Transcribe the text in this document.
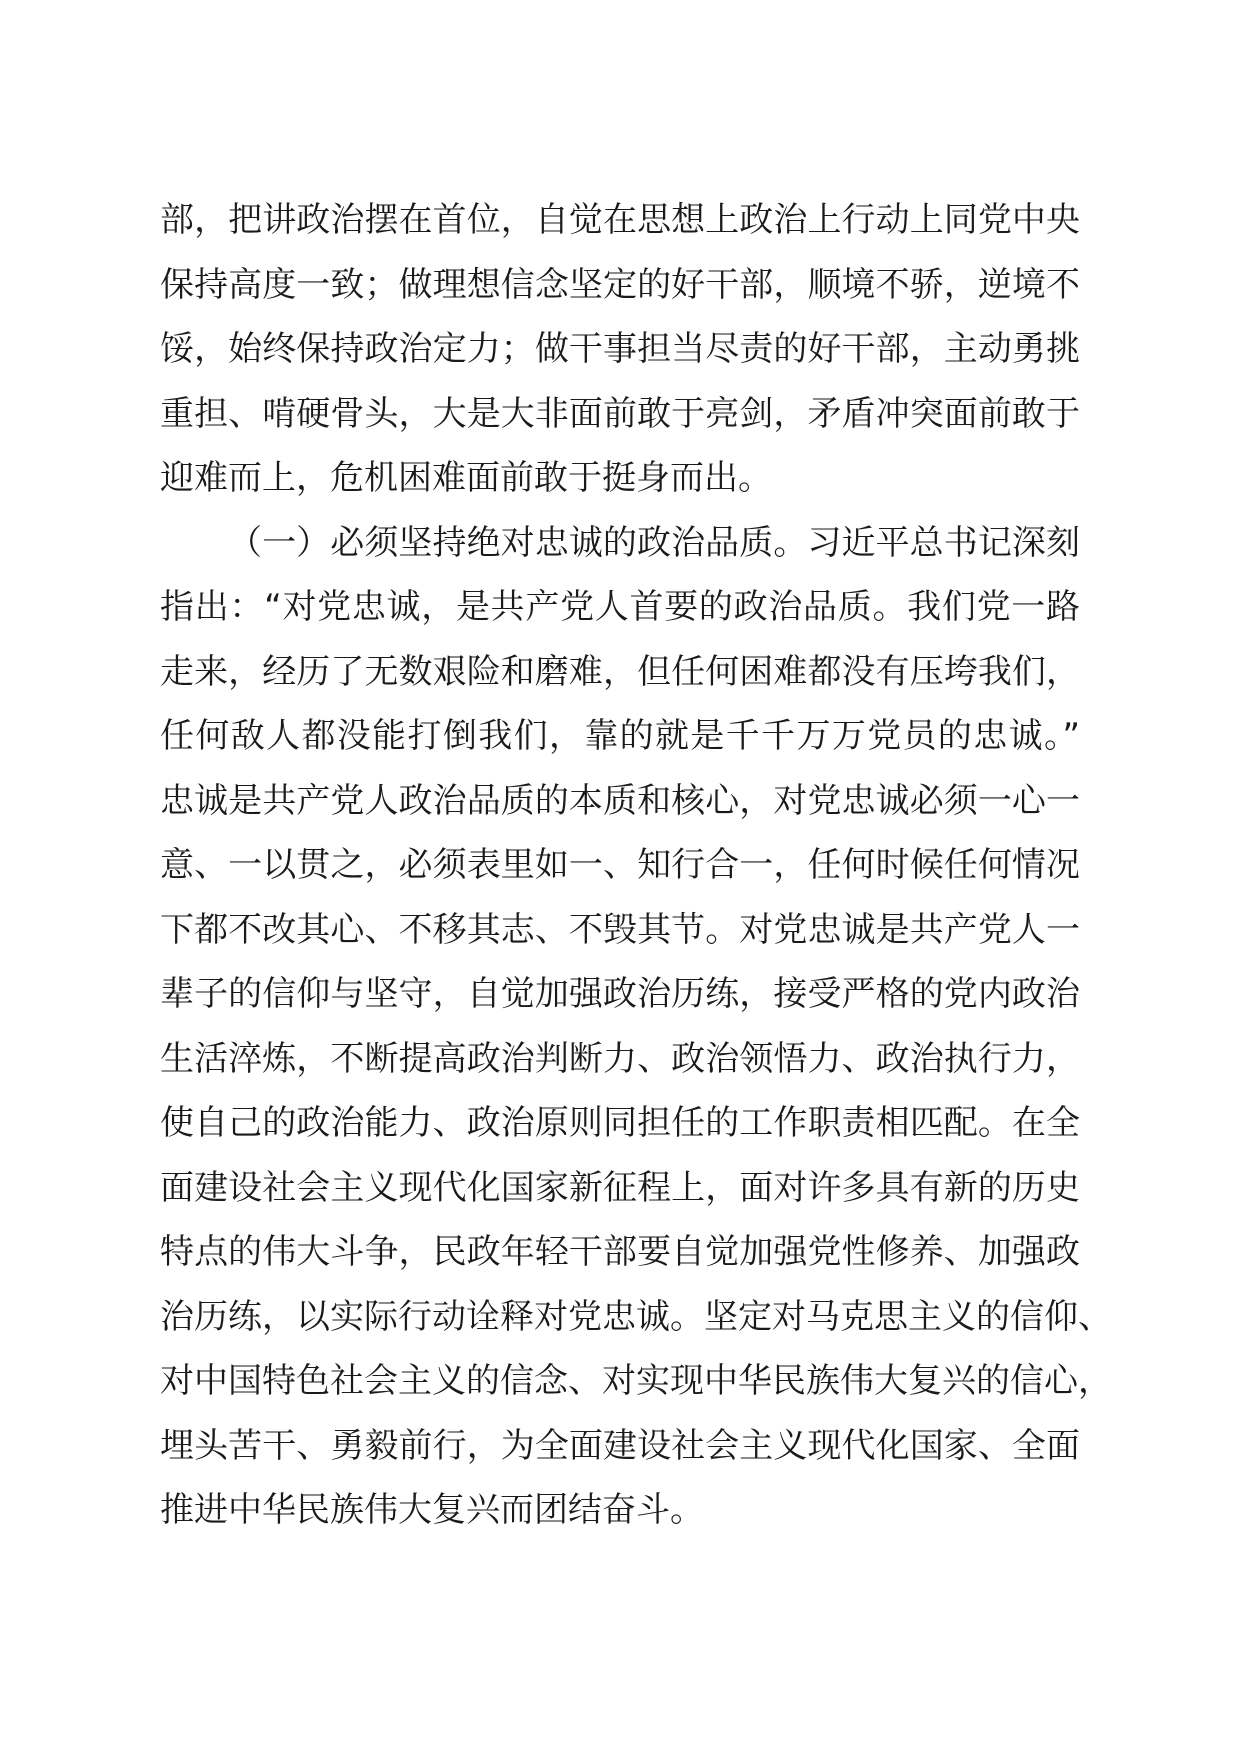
部，把讲政治摆在首位，自觉在思想上政治上行动上同党中央
保持高度一致；做理想信念坚定的好干部，顺境不骄，逆境不
馁，始终保持政治定力；做干事担当尽责的好干部，主动勇挑
重担、啃硬骨头，大是大非面前敢于亮剑，矛盾冲突面前敢于
迎难而上，危机困难面前敢于挺身而出。
（一）必须坚持绝对忠诚的政治品质。习近平总书记深刻
指出：“对党忠诚，是共产党人首要的政治品质。我们党一路
走来，经历了无数艰险和磨难，但任何困难都没有压垮我们，
任何敌人都没能打倒我们，靠的就是千千万万党员的忠诚。”
忠诚是共产党人政治品质的本质和核心，对党忠诚必须一心一
意、一以贯之，必须表里如一、知行合一，任何时候任何情况
下都不改其心、不移其志、不毁其节。对党忠诚是共产党人一
辈子的信仰与坚守，自觉加强政治历练，接受严格的党内政治
生活淬炼，不断提高政治判断力、政治领悟力、政治执行力，
使自己的政治能力、政治原则同担任的工作职责相匹配。在全
面建设社会主义现代化国家新征程上，面对许多具有新的历史
特点的伟大斗争，民政年轻干部要自觉加强党性修养、加强政
治历练，以实际行动诠释对党忠诚。坚定对马克思主义的信仰、
对中国特色社会主义的信念、对实现中华民族伟大复兴的信心，
埋头苦干、勇毅前行，为全面建设社会主义现代化国家、全面
推进中华民族伟大复兴而团结奋斗。
